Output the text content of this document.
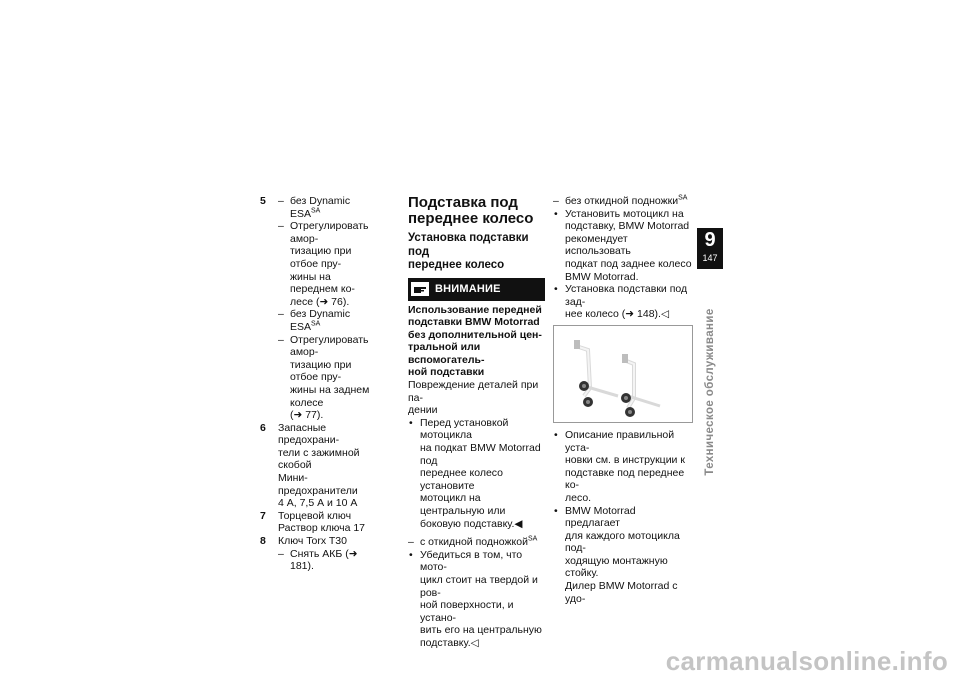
5

–	без Dynamic $ESA^{SA}$

– Отрегулировать амор-

тизацию при отбое пру-

жины на переднем ко-

лесе (➜ 76).

– без Dynamic $ESA^{SA}$

– Отрегулировать амор-

тизацию при отбое пру-

жины на заднем колесе

(➜ 77).

6 Запасные предохрани-

тели с зажимной скобой

Мини-предохранители

4 А, 7,5 А и 10 А

7 Торцевой ключ

Раствор ключа 17

8 Ключ Torx T30

– Снять АКБ (➜ 181).

Подставка под
переднее колесо
Установка подставки под
переднее колесо
ВНИМАНИЕ

Использование передней

подставки BMW Motorrad

без дополнительной цен-

тральной или вспомогатель-

ной подставки

Повреждение деталей при па-

дении

• Перед установкой мотоцикла

на подкат BMW Motorrad под

переднее колесо установите

мотоцикл на центральную или

боковую подставку.◀

– с откидной подножкой$^{SA}$

• Убедиться в том, что мото-

цикл стоит на твердой и ров-

ной поверхности, и устано-

вить его на центральную

подставку.◁

– без откидной подножки$^{SA}$

• Установить мотоцикл на

подставку, BMW Motorrad

рекомендует использовать

подкат под заднее колесо

BMW Motorrad.

• Установка подставки под зад-

нее колесо (➜ 148).◁

• Описание правильной уста-

новки см. в инструкции к

подставке под переднее ко-

лесо.

• BMW Motorrad предлагает

для каждого мотоцикла под-

ходящую монтажную стойку.

Дилер BMW Motorrad с удо-

9
147
Техническое обслуживание
carmanualsonline.info
